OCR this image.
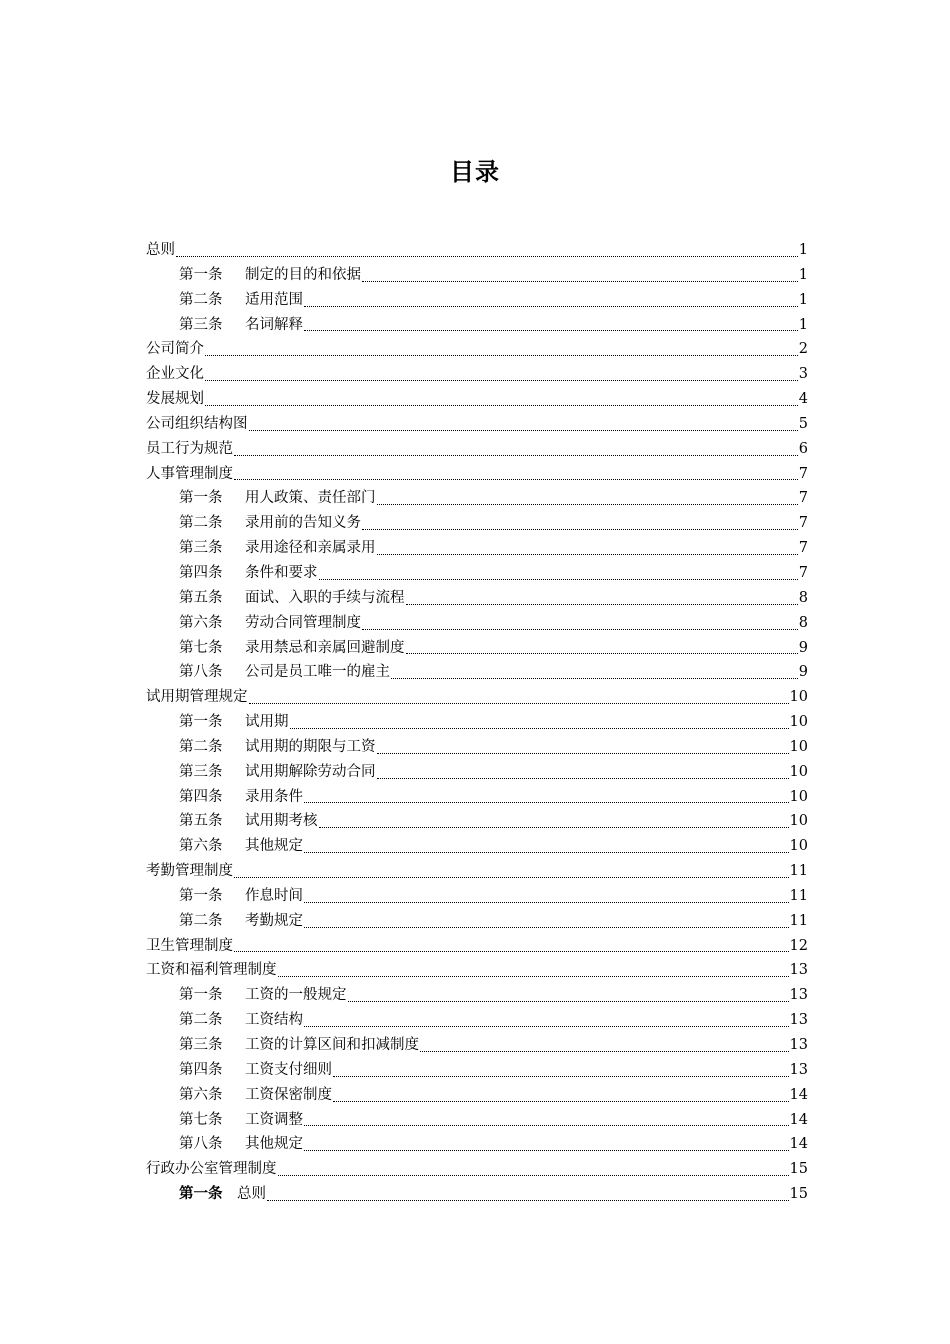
目录
总则	1
第一条 制定的目的和依据	1
第二条 适用范围	1
第三条 名词解释	1
公司简介	2
企业文化	3
发展规划	4
公司组织结构图	5
员工行为规范	6
人事管理制度	7
第一条 用人政策、责任部门	7
第二条 录用前的告知义务	7
第三条 录用途径和亲属录用	7
第四条 条件和要求	7
第五条 面试、入职的手续与流程	8
第六条 劳动合同管理制度	8
第七条 录用禁忌和亲属回避制度	9
第八条 公司是员工唯一的雇主	9
试用期管理规定	10
第一条 试用期	10
第二条 试用期的期限与工资	10
第三条 试用期解除劳动合同	10
第四条 录用条件	10
第五条 试用期考核	10
第六条 其他规定	10
考勤管理制度	11
第一条 作息时间	11
第二条 考勤规定	11
卫生管理制度	12
工资和福利管理制度	13
第一条 工资的一般规定	13
第二条 工资结构	13
第三条 工资的计算区间和扣减制度	13
第四条 工资支付细则	13
第六条 工资保密制度	14
第七条 工资调整	14
第八条 其他规定	14
行政办公室管理制度	15
第一条 总则	15
